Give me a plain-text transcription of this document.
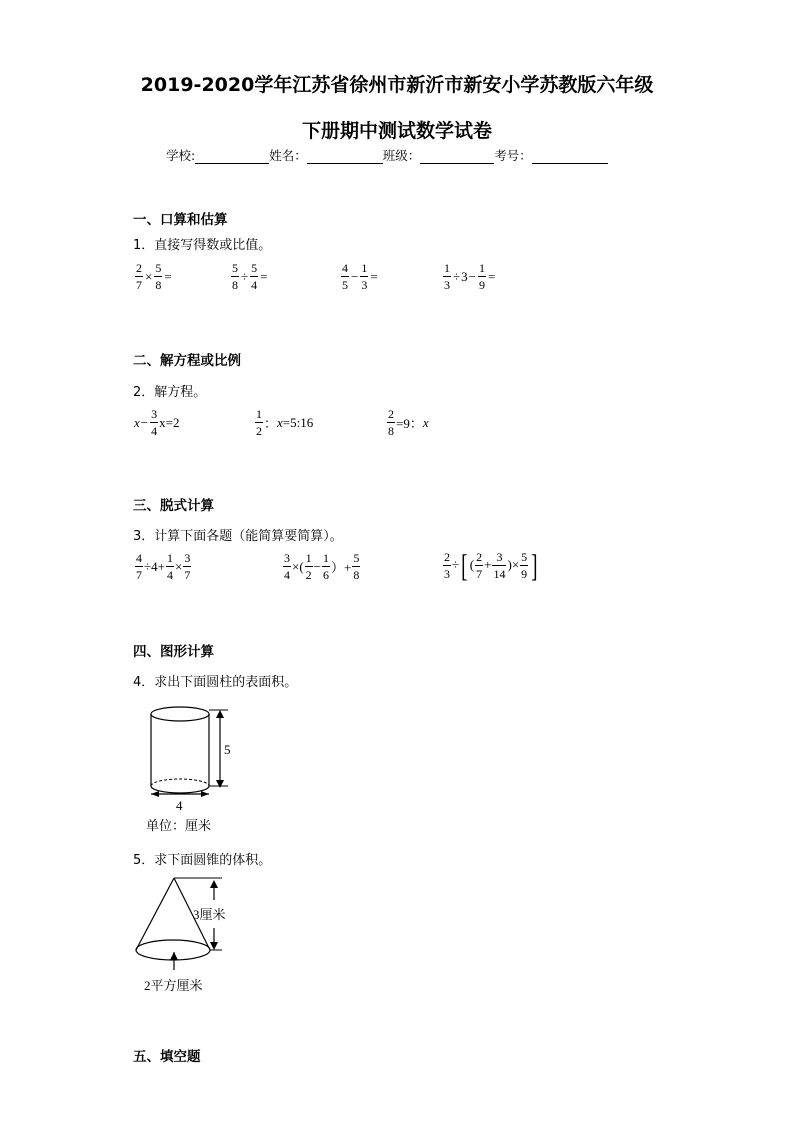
2019-2020学年江苏省徐州市新沂市新安小学苏教版六年级
下册期中测试数学试卷
学校:	姓名：	班级：	考号：
一、口算和估算
1．直接写得数或比值。
$\frac{2}{7} \times \frac{5}{8}$ =	$\frac{5}{8} \div \frac{5}{4}$ =	$\frac{4}{5} - \frac{1}{3}$ =	$\frac{1}{3} \div 3 - \frac{1}{9}$ =
二、解方程或比例
2．解方程。
$x - \frac{3}{4} x=2$	$\frac{1}{2}$ ： x =5:16	$\frac{2}{8} =9$： x
三、脱式计算
3．计算下面各题（能简算要简算）。
$\frac{4}{7} \div 4+ \frac{1}{4} \times \frac{3}{7}$	$\frac{3}{4}$ ×( $\frac{1}{2} - \frac{1}{6}$ ）+ $\frac{5}{8}$	$\frac{2}{3}$ ÷ [ ( $\frac{2}{7} + \frac{3}{14}$ )× $\frac{5}{9}$ ]
四、图形计算
4．求出下面圆柱的表面积。
5
4
单位：厘米
5．求下面圆锥的体积。
3厘米
2平方厘米
五、填空题
